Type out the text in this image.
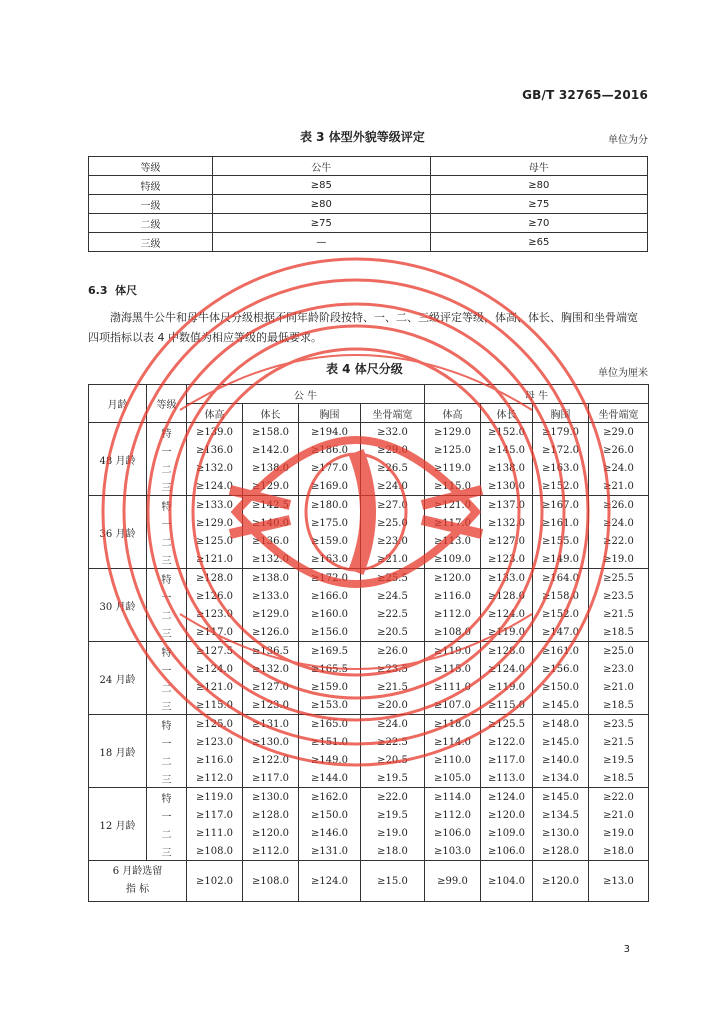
GB/T 32765—2016
表 3 体型外貌等级评定	单位为分
等级	公牛	母牛
特级	≥85	≥80
一级	≥80	≥75
二级	≥75	≥70
三级	—	≥65
6.3 体尺
渤海黑牛公牛和母牛体尺分级根据不同年龄阶段按特、一、二、三级评定等级，体高、体长、胸围和坐骨端宽四项指标以表 4 中数值为相应等级的最低要求。
表 4 体尺分级	单位为厘米
月龄	等级	公 牛				母 牛			
		体高	体长	胸围	坐骨端宽	体高	体长	胸围	坐骨端宽
48 月龄	特	≥139.0	≥158.0	≥194.0	≥32.0	≥129.0	≥152.0	≥179.0	≥29.0
	一	≥136.0	≥142.0	≥186.0	≥29.0	≥125.0	≥145.0	≥172.0	≥26.0
	二	≥132.0	≥138.0	≥177.0	≥26.5	≥119.0	≥138.0	≥163.0	≥24.0
	三	≥124.0	≥129.0	≥169.0	≥24.0	≥115.0	≥130.0	≥152.0	≥21.0
36 月龄	特	≥133.0	≥142.5	≥180.0	≥27.0	≥121.0	≥137.0	≥167.0	≥26.0
	一	≥129.0	≥140.0	≥175.0	≥25.0	≥117.0	≥132.0	≥161.0	≥24.0
	二	≥125.0	≥136.0	≥159.0	≥23.0	≥113.0	≥127.0	≥155.0	≥22.0
	三	≥121.0	≥132.0	≥163.0	≥21.0	≥109.0	≥123.0	≥149.0	≥19.0
30 月龄	特	≥128.0	≥138.0	≥172.0	≥25.5	≥120.0	≥133.0	≥164.0	≥25.5
	一	≥126.0	≥133.0	≥166.0	≥24.5	≥116.0	≥128.0	≥158.0	≥23.5
	二	≥123.0	≥129.0	≥160.0	≥22.5	≥112.0	≥124.0	≥152.0	≥21.5
	三	≥117.0	≥126.0	≥156.0	≥20.5	≥108.0	≥119.0	≥147.0	≥18.5
24 月龄	特	≥127.5	≥136.5	≥169.5	≥26.0	≥119.0	≥128.0	≥161.0	≥25.0
	一	≥124.0	≥132.0	≥165.5	≥23.5	≥115.0	≥124.0	≥156.0	≥23.0
	二	≥121.0	≥127.0	≥159.0	≥21.5	≥111.0	≥119.0	≥150.0	≥21.0
	三	≥115.0	≥123.0	≥153.0	≥20.0	≥107.0	≥115.0	≥145.0	≥18.5
18 月龄	特	≥125.0	≥131.0	≥165.0	≥24.0	≥118.0	≥125.5	≥148.0	≥23.5
	一	≥123.0	≥130.0	≥151.0	≥22.5	≥114.0	≥122.0	≥145.0	≥21.5
	二	≥116.0	≥122.0	≥149.0	≥20.5	≥110.0	≥117.0	≥140.0	≥19.5
	三	≥112.0	≥117.0	≥144.0	≥19.5	≥105.0	≥113.0	≥134.0	≥18.5
12 月龄	特	≥119.0	≥130.0	≥162.0	≥22.0	≥114.0	≥124.0	≥145.0	≥22.0
	一	≥117.0	≥128.0	≥150.0	≥19.5	≥112.0	≥120.0	≥134.5	≥21.0
	二	≥111.0	≥120.0	≥146.0	≥19.0	≥106.0	≥109.0	≥130.0	≥19.0
	三	≥108.0	≥112.0	≥131.0	≥18.0	≥103.0	≥106.0	≥128.0	≥18.0

6 月龄选留
指 标		≥102.0	≥108.0	≥124.0	≥15.0	≥99.0	≥104.0	≥120.0	≥13.0
3
